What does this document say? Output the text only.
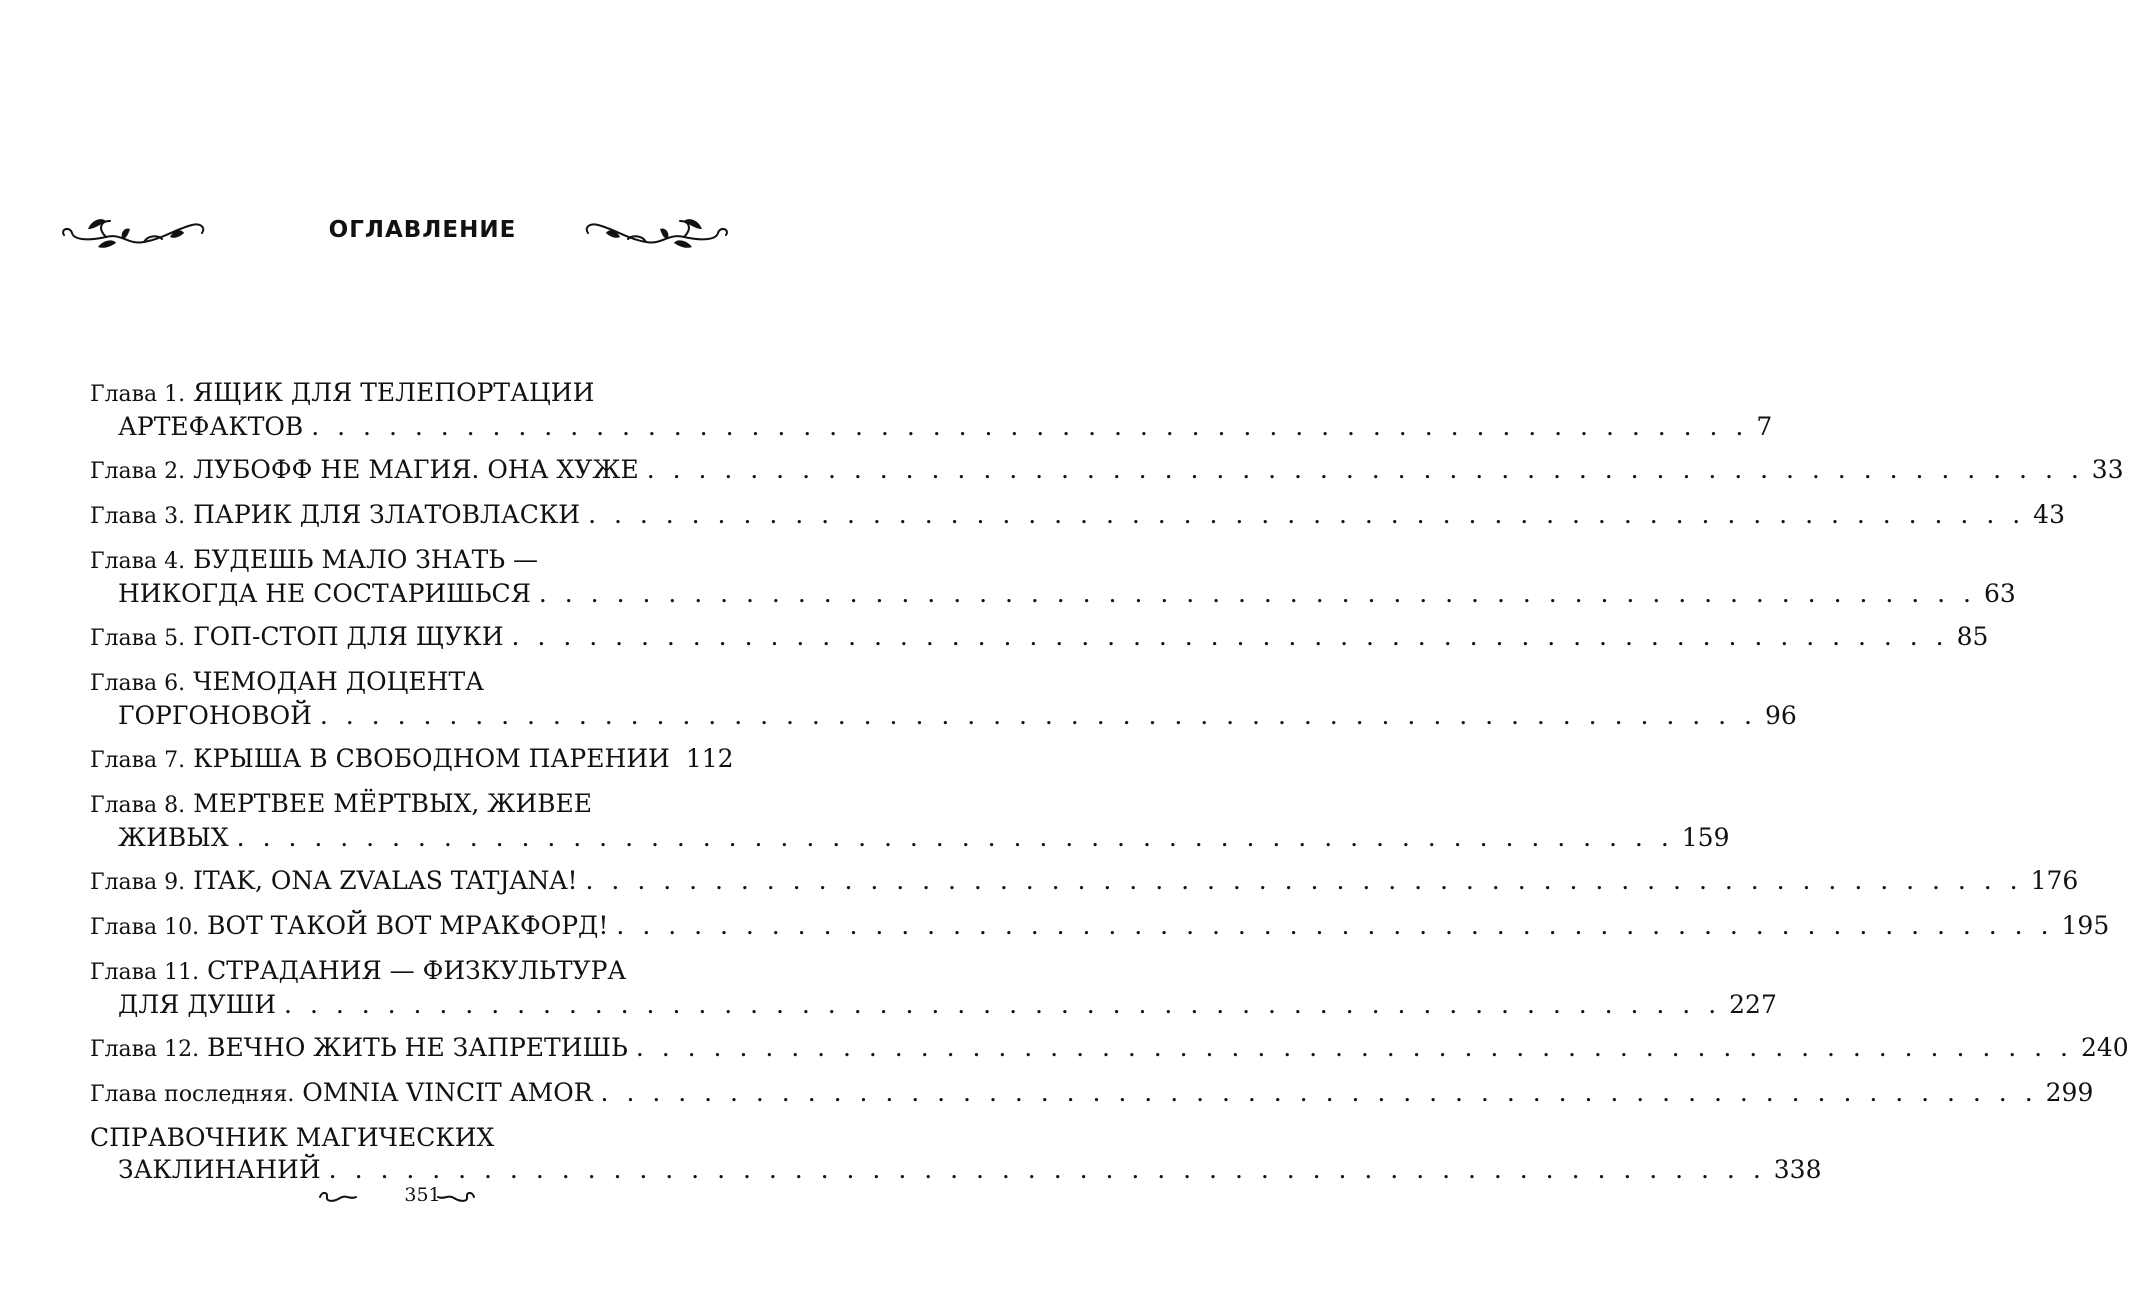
ОГЛАВЛЕНИЕ
Глава 1. ЯЩИК ДЛЯ ТЕЛЕПОРТАЦИИ
АРТЕФАКТОВ . . . . . . . . . . . . . . . . . . . . . . . . . . . . . . . . . . . . . . . . . . . . . . . . . . . . . . . . 7
Глава 2. ЛУБОФФ НЕ МАГИЯ. ОНА ХУЖЕ . . . . . . . . . . . . . . . . . . . . . . . . . . . . . . . . . . . . . . . . . . . . . . . . . . . . . . . . 33
Глава 3. ПАРИК ДЛЯ ЗЛАТОВЛАСКИ . . . . . . . . . . . . . . . . . . . . . . . . . . . . . . . . . . . . . . . . . . . . . . . . . . . . . . . . 43
Глава 4. БУДЕШЬ МАЛО ЗНАТЬ —
НИКОГДА НЕ СОСТАРИШЬСЯ . . . . . . . . . . . . . . . . . . . . . . . . . . . . . . . . . . . . . . . . . . . . . . . . . . . . . . . . 63
Глава 5. ГОП-СТОП ДЛЯ ЩУКИ . . . . . . . . . . . . . . . . . . . . . . . . . . . . . . . . . . . . . . . . . . . . . . . . . . . . . . . . 85
Глава 6. ЧЕМОДАН ДОЦЕНТА
ГОРГОНОВОЙ . . . . . . . . . . . . . . . . . . . . . . . . . . . . . . . . . . . . . . . . . . . . . . . . . . . . . . . . 96
Глава 7. КРЫША В СВОБОДНОМ ПАРЕНИИ 112
Глава 8. МЕРТВЕЕ МЁРТВЫХ, ЖИВЕЕ
ЖИВЫХ . . . . . . . . . . . . . . . . . . . . . . . . . . . . . . . . . . . . . . . . . . . . . . . . . . . . . . . . 159
Глава 9. ITAK, ONA ZVALAS TATJANA! . . . . . . . . . . . . . . . . . . . . . . . . . . . . . . . . . . . . . . . . . . . . . . . . . . . . . . . . 176
Глава 10. ВОТ ТАКОЙ ВОТ МРАКФОРД! . . . . . . . . . . . . . . . . . . . . . . . . . . . . . . . . . . . . . . . . . . . . . . . . . . . . . . . . 195
Глава 11. СТРАДАНИЯ — ФИЗКУЛЬТУРА
ДЛЯ ДУШИ . . . . . . . . . . . . . . . . . . . . . . . . . . . . . . . . . . . . . . . . . . . . . . . . . . . . . . . . 227
Глава 12. ВЕЧНО ЖИТЬ НЕ ЗАПРЕТИШЬ . . . . . . . . . . . . . . . . . . . . . . . . . . . . . . . . . . . . . . . . . . . . . . . . . . . . . . . . 240
Глава последняя. OMNIA VINCIT AMOR . . . . . . . . . . . . . . . . . . . . . . . . . . . . . . . . . . . . . . . . . . . . . . . . . . . . . . . . 299
СПРАВОЧНИК МАГИЧЕСКИХ
ЗАКЛИНАНИЙ . . . . . . . . . . . . . . . . . . . . . . . . . . . . . . . . . . . . . . . . . . . . . . . . . . . . . . . . 338
351
